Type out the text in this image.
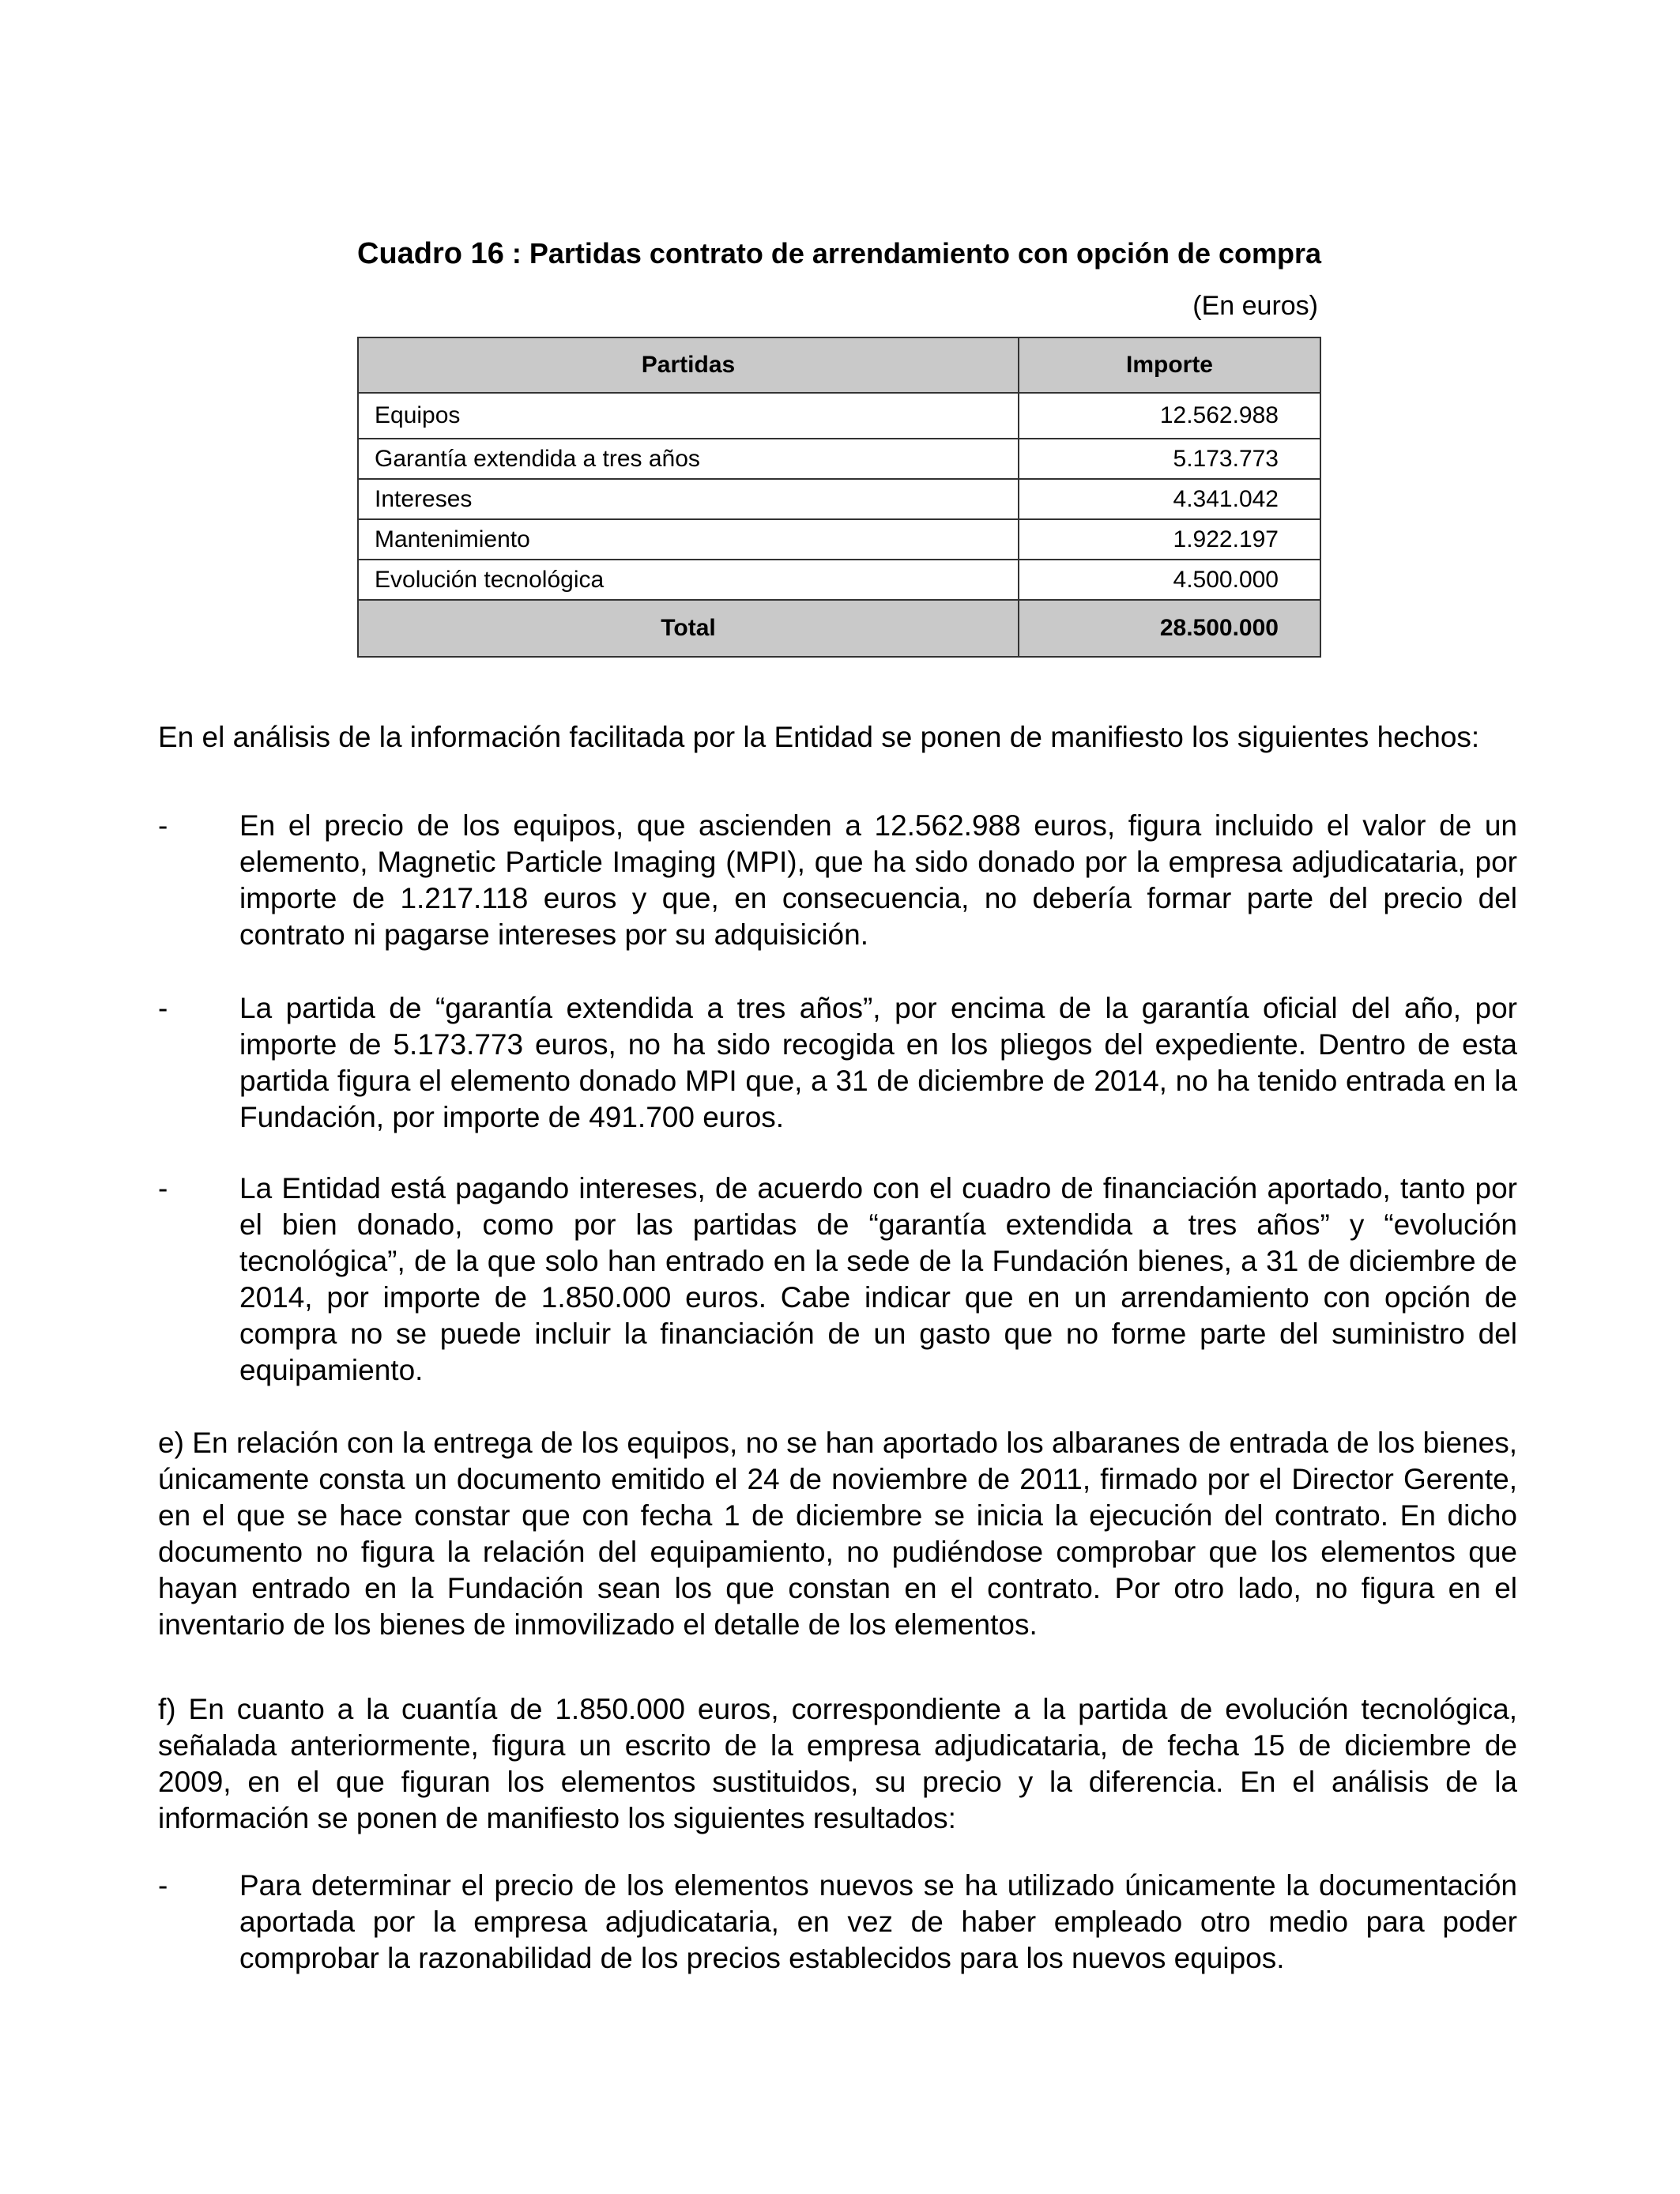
Cuadro 16 : Partidas contrato de arrendamiento con opción de compra
(En euros)
Partidas	Importe
Equipos	12.562.988
Garantía extendida a tres años	5.173.773
Intereses	4.341.042
Mantenimiento	1.922.197
Evolución tecnológica	4.500.000
Total	28.500.000
En el análisis de la información facilitada por la Entidad se ponen de manifiesto los siguientes hechos:
-	En el precio de los equipos, que ascienden a 12.562.988 euros, figura incluido el valor de un elemento, Magnetic Particle Imaging (MPI), que ha sido donado por la empresa adjudicataria, por importe de 1.217.118 euros y que, en consecuencia, no debería formar parte del precio del contrato ni pagarse intereses por su adquisición.
-	La partida de “garantía extendida a tres años”, por encima de la garantía oficial del año, por importe de 5.173.773 euros, no ha sido recogida en los pliegos del expediente. Dentro de esta partida figura el elemento donado MPI que, a 31 de diciembre de 2014, no ha tenido entrada en la Fundación, por importe de 491.700 euros.
-	La Entidad está pagando intereses, de acuerdo con el cuadro de financiación aportado, tanto por el bien donado, como por las partidas de “garantía extendida a tres años” y “evolución tecnológica”, de la que solo han entrado en la sede de la Fundación bienes, a 31 de diciembre de 2014, por importe de 1.850.000 euros. Cabe indicar que en un arrendamiento con opción de compra no se puede incluir la financiación de un gasto que no forme parte del suministro del equipamiento.
e) En relación con la entrega de los equipos, no se han aportado los albaranes de entrada de los bienes, únicamente consta un documento emitido el 24 de noviembre de 2011, firmado por el Director Gerente, en el que se hace constar que con fecha 1 de diciembre se inicia la ejecución del contrato. En dicho documento no figura la relación del equipamiento, no pudiéndose comprobar que los elementos que hayan entrado en la Fundación sean los que constan en el contrato. Por otro lado, no figura en el inventario de los bienes de inmovilizado el detalle de los elementos.
f) En cuanto a la cuantía de 1.850.000 euros, correspondiente a la partida de evolución tecnológica, señalada anteriormente, figura un escrito de la empresa adjudicataria, de fecha 15 de diciembre de 2009, en el que figuran los elementos sustituidos, su precio y la diferencia. En el análisis de la información se ponen de manifiesto los siguientes resultados:
-	Para determinar el precio de los elementos nuevos se ha utilizado únicamente la documentación aportada por la empresa adjudicataria, en vez de haber empleado otro medio para poder comprobar la razonabilidad de los precios establecidos para los nuevos equipos.
